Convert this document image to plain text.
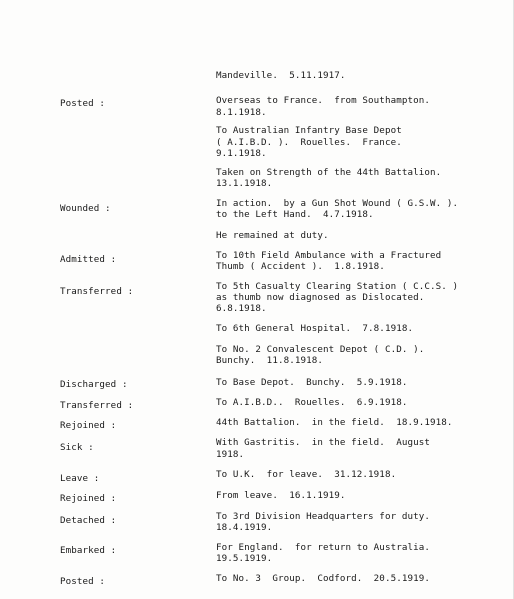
Mandeville.  5.11.1917.
Posted :	Overseas to France.  from Southampton.
8.1.1918.
To Australian Infantry Base Depot
( A.I.B.D. ).  Rouelles.  France.
9.1.1918.
Taken on Strength of the 44th Battalion.
13.1.1918.
Wounded :	In action.  by a Gun Shot Wound ( G.S.W. ).
to the Left Hand.  4.7.1918.
He remained at duty.
Admitted :	To 10th Field Ambulance with a Fractured
Thumb ( Accident ).  1.8.1918.
Transferred :	To 5th Casualty Clearing Station ( C.C.S. )
as thumb now diagnosed as Dislocated.
6.8.1918.
To 6th General Hospital.  7.8.1918.
To No. 2 Convalescent Depot ( C.D. ).
Bunchy.  11.8.1918.
Discharged :	To Base Depot.  Bunchy.  5.9.1918.
Transferred :	To A.I.B.D..  Rouelles.  6.9.1918.
Rejoined :	44th Battalion.  in the field.  18.9.1918.
Sick :	With Gastritis.  in the field.  August
1918.
Leave :	To U.K.  for leave.  31.12.1918.
Rejoined :	From leave.  16.1.1919.
Detached :	To 3rd Division Headquarters for duty.
18.4.1919.
Embarked :	For England.  for return to Australia.
19.5.1919.
Posted :	To No. 3  Group.  Codford.  20.5.1919.
